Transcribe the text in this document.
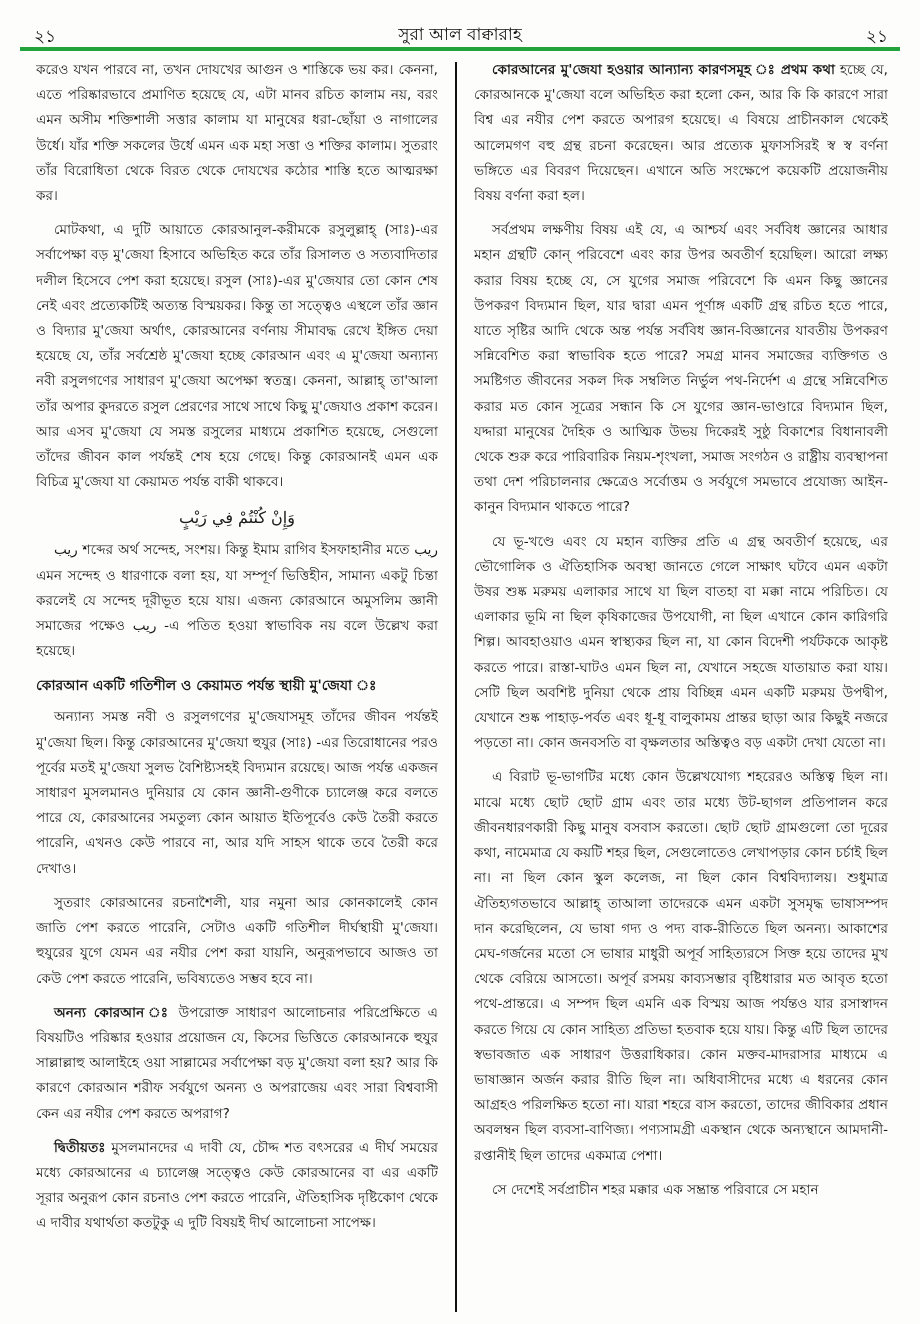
২১	সুরা আল বাক্বারাহ	২১

করেও যখন পারবে না, তখন দোযখের আগুন ও শাস্তিকে ভয় কর। কেননা, এতে পরিষ্কারভাবে প্রমাণিত হয়েছে যে, এটা মানব রচিত কালাম নয়, বরং এমন অসীম শক্তিশালী সত্তার কালাম যা মানুষের ধরা-ছোঁয়া ও নাগালের উর্ধে। যাঁর শক্তি সকলের উর্ধে এমন এক মহা সত্তা ও শক্তির কালাম। সুতরাং তাঁর বিরোধিতা থেকে বিরত থেকে দোযখের কঠোর শাস্তি হতে আত্মরক্ষা কর।

মোটকথা, এ দুটি আয়াতে কোরআনুল-করীমকে রসুলুল্লাহ্ (সাঃ)-এর সর্বাপেক্ষা বড় মু'জেযা হিসাবে অভিহিত করে তাঁর রিসালত ও সত্যবাদিতার দলীল হিসেবে পেশ করা হয়েছে। রসুল (সাঃ)-এর মু'জেযার তো কোন শেষ নেই এবং প্রত্যেকটিই অত্যন্ত বিস্ময়কর। কিন্তু তা সত্ত্বেও এস্থলে তাঁর জ্ঞান ও বিদ্যার মু'জেযা অর্থাৎ, কোরআনের বর্ণনায় সীমাবদ্ধ রেখে ইঙ্গিত দেয়া হয়েছে যে, তাঁর সর্বশ্রেষ্ঠ মু'জেযা হচ্ছে কোরআন এবং এ মু'জেযা অন্যান্য নবী রসুলগণের সাধারণ মু'জেযা অপেক্ষা স্বতন্ত্র। কেননা, আল্লাহ্ তা'আলা তাঁর অপার কুদরতে রসুল প্রেরণের সাথে সাথে কিছু মু'জেযাও প্রকাশ করেন। আর এসব মু'জেযা যে সমস্ত রসুলের মাধ্যমে প্রকাশিত হয়েছে, সেগুলো তাঁদের জীবন কাল পর্যন্তই শেষ হয়ে গেছে। কিন্তু কোরআনই এমন এক বিচিত্র মু'জেযা যা কেয়ামত পর্যন্ত বাকী থাকবে।

وَإِنْ كُنْتُمْ فِي رَيْبٍ

ريب শব্দের অর্থ সন্দেহ, সংশয়। কিন্তু ইমাম রাগিব ইসফাহানীর মতে ريب এমন সন্দেহ ও ধারণাকে বলা হয়, যা সম্পূর্ণ ভিত্তিহীন, সামান্য একটু চিন্তা করলেই যে সন্দেহ দূরীভূত হয়ে যায়। এজন্য কোরআনে অমুসলিম জ্ঞানী সমাজের পক্ষেও ريب -এ পতিত হওয়া স্বাভাবিক নয় বলে উল্লেখ করা হয়েছে।

কোরআন একটি গতিশীল ও কেয়ামত পর্যন্ত স্থায়ী মু'জেযা ঃ

অন্যান্য সমস্ত নবী ও রসুলগণের মু'জেযাসমূহ তাঁদের জীবন পর্যন্তই মু'জেযা ছিল। কিন্তু কোরআনের মু'জেযা হুযুর (সাঃ) -এর তিরোধানের পরও পূর্বের মতই মু'জেযা সুলভ বৈশিষ্ট্যসহই বিদ্যমান রয়েছে। আজ পর্যন্ত একজন সাধারণ মুসলমানও দুনিয়ার যে কোন জ্ঞানী-গুণীকে চ্যালেঞ্জ করে বলতে পারে যে, কোরআনের সমতুল্য কোন আয়াত ইতিপূর্বেও কেউ তৈরী করতে পারেনি, এখনও কেউ পারবে না, আর যদি সাহস থাকে তবে তৈরী করে দেখাও।

সুতরাং কোরআনের রচনাশৈলী, যার নমুনা আর কোনকালেই কোন জাতি পেশ করতে পারেনি, সেটাও একটি গতিশীল দীর্ঘস্থায়ী মু'জেযা। হুযুরের যুগে যেমন এর নযীর পেশ করা যায়নি, অনুরূপভাবে আজও তা কেউ পেশ করতে পারেনি, ভবিষ্যতেও সম্ভব হবে না।

অনন্য কোরআন ঃ উপরোক্ত সাধারণ আলোচনার পরিপ্রেক্ষিতে এ বিষয়টিও পরিষ্কার হওয়ার প্রয়োজন যে, কিসের ভিত্তিতে কোরআনকে হুযুর সাল্লাল্লাহু আলাইহে ওয়া সাল্লামের সর্বাপেক্ষা বড় মু'জেযা বলা হয়? আর কি কারণে কোরআন শরীফ সর্বযুগে অনন্য ও অপরাজেয় এবং সারা বিশ্ববাসী কেন এর নযীর পেশ করতে অপরাগ?

দ্বিতীয়তঃ মুসলমানদের এ দাবী যে, চৌদ্দ শত বৎসরের এ দীর্ঘ সময়ের মধ্যে কোরআনের এ চ্যালেঞ্জ সত্ত্বেও কেউ কোরআনের বা এর একটি সূরার অনুরূপ কোন রচনাও পেশ করতে পারেনি, ঐতিহাসিক দৃষ্টিকোণ থেকে এ দাবীর যথার্থতা কতটুকু এ দুটি বিষয়ই দীর্ঘ আলোচনা সাপেক্ষ।

কোরআনের মু'জেযা হওয়ার আন্যান্য কারণসমূহ ঃ প্রথম কথা হচ্ছে যে, কোরআনকে মু'জেযা বলে অভিহিত করা হলো কেন, আর কি কি কারণে সারা বিশ্ব এর নযীর পেশ করতে অপারগ হয়েছে। এ বিষয়ে প্রাচীনকাল থেকেই আলেমগণ বহু গ্রন্থ রচনা করেছেন। আর প্রত্যেক মুফাসসিরই স্ব স্ব বর্ণনা ভঙ্গিতে এর বিবরণ দিয়েছেন। এখানে অতি সংক্ষেপে কয়েকটি প্রয়োজনীয় বিষয় বর্ণনা করা হল।

সর্বপ্রথম লক্ষণীয় বিষয় এই যে, এ আশ্চর্য এবং সর্ববিধ জ্ঞানের আধার মহান গ্রন্থটি কোন্ পরিবেশে এবং কার উপর অবতীর্ণ হয়েছিল। আরো লক্ষ্য করার বিষয় হচ্ছে যে, সে যুগের সমাজ পরিবেশে কি এমন কিছু জ্ঞানের উপকরণ বিদ্যমান ছিল, যার দ্বারা এমন পূর্ণাঙ্গ একটি গ্রন্থ রচিত হতে পারে, যাতে সৃষ্টির আদি থেকে অন্ত পর্যন্ত সর্ববিধ জ্ঞান-বিজ্ঞানের যাবতীয় উপকরণ সন্নিবেশিত করা স্বাভাবিক হতে পারে? সমগ্র মানব সমাজের ব্যক্তিগত ও সমষ্টিগত জীবনের সকল দিক সম্বলিত নির্ভুল পথ-নির্দেশ এ গ্রন্থে সন্নিবেশিত করার মত কোন সূত্রের সন্ধান কি সে যুগের জ্ঞান-ভাণ্ডারে বিদ্যমান ছিল, যদ্দারা মানুষের দৈহিক ও আত্মিক উভয় দিকেরই সুষ্ঠু বিকাশের বিধানাবলী থেকে শুরু করে পারিবারিক নিয়ম-শৃংখলা, সমাজ সংগঠন ও রাষ্ট্রীয় ব্যবস্থাপনা তথা দেশ পরিচালনার ক্ষেত্রেও সর্বোত্তম ও সর্বযুগে সমভাবে প্রযোজ্য আইন-কানুন বিদ্যমান থাকতে পারে?

যে ভূ-খণ্ডে এবং যে মহান ব্যক্তির প্রতি এ গ্রন্থ অবতীর্ণ হয়েছে, এর ভৌগোলিক ও ঐতিহাসিক অবস্থা জানতে গেলে সাক্ষাৎ ঘটবে এমন একটা উষর শুষ্ক মরুময় এলাকার সাথে যা ছিল বাতহা বা মক্কা নামে পরিচিত। যে এলাকার ভূমি না ছিল কৃষিকাজের উপযোগী, না ছিল এখানে কোন কারিগরি শিল্প। আবহাওয়াও এমন স্বাস্থ্যকর ছিল না, যা কোন বিদেশী পর্যটককে আকৃষ্ট করতে পারে। রাস্তা-ঘাটও এমন ছিল না, যেখানে সহজে যাতায়াত করা যায়। সেটি ছিল অবশিষ্ট দুনিয়া থেকে প্রায় বিচ্ছিন্ন এমন একটি মরুময় উপদ্বীপ, যেখানে শুষ্ক পাহাড়-পর্বত এবং ধূ-ধূ বালুকাময় প্রান্তর ছাড়া আর কিছুই নজরে পড়তো না। কোন জনবসতি বা বৃক্ষলতার অস্তিত্বও বড় একটা দেখা যেতো না।

এ বিরাট ভূ-ভাগটির মধ্যে কোন উল্লেখযোগ্য শহরেরও অস্তিত্ব ছিল না। মাঝে মধ্যে ছোট ছোট গ্রাম এবং তার মধ্যে উট-ছাগল প্রতিপালন করে জীবনধারণকারী কিছু মানুষ বসবাস করতো। ছোট ছোট গ্রামগুলো তো দূরের কথা, নামেমাত্র যে কয়টি শহর ছিল, সেগুলোতেও লেখাপড়ার কোন চর্চাই ছিল না। না ছিল কোন স্কুল কলেজ, না ছিল কোন বিশ্ববিদ্যালয়। শুধুমাত্র ঐতিহ্যগতভাবে আল্লাহ্ তাআলা তাদেরকে এমন একটা সুসমৃদ্ধ ভাষাসম্পদ দান করেছিলেন, যে ভাষা গদ্য ও পদ্য বাক-রীতিতে ছিল অনন্য। আকাশের মেঘ-গর্জনের মতো সে ভাষার মাধুরী অপূর্ব সাহিত্যরসে সিক্ত হয়ে তাদের মুখ থেকে বেরিয়ে আসতো। অপূর্ব রসময় কাব্যসম্ভার বৃষ্টিধারার মত আবৃত হতো পথে-প্রান্তরে। এ সম্পদ ছিল এমনি এক বিস্ময় আজ পর্যন্তও যার রসাস্বাদন করতে গিয়ে যে কোন সাহিত্য প্রতিভা হতবাক হয়ে যায়। কিন্তু এটি ছিল তাদের স্বভাবজাত এক সাধারণ উত্তরাধিকার। কোন মক্তব-মাদরাসার মাধ্যমে এ ভাষাজ্ঞান অর্জন করার রীতি ছিল না। অধিবাসীদের মধ্যে এ ধরনের কোন আগ্রহও পরিলক্ষিত হতো না। যারা শহরে বাস করতো, তাদের জীবিকার প্রধান অবলম্বন ছিল ব্যবসা-বাণিজ্য। পণ্যসামগ্রী একস্থান থেকে অন্যস্থানে আমদানী-রপ্তানীই ছিল তাদের একমাত্র পেশা।

সে দেশেই সর্বপ্রাচীন শহর মক্কার এক সম্ভ্রান্ত পরিবারে সে মহান
